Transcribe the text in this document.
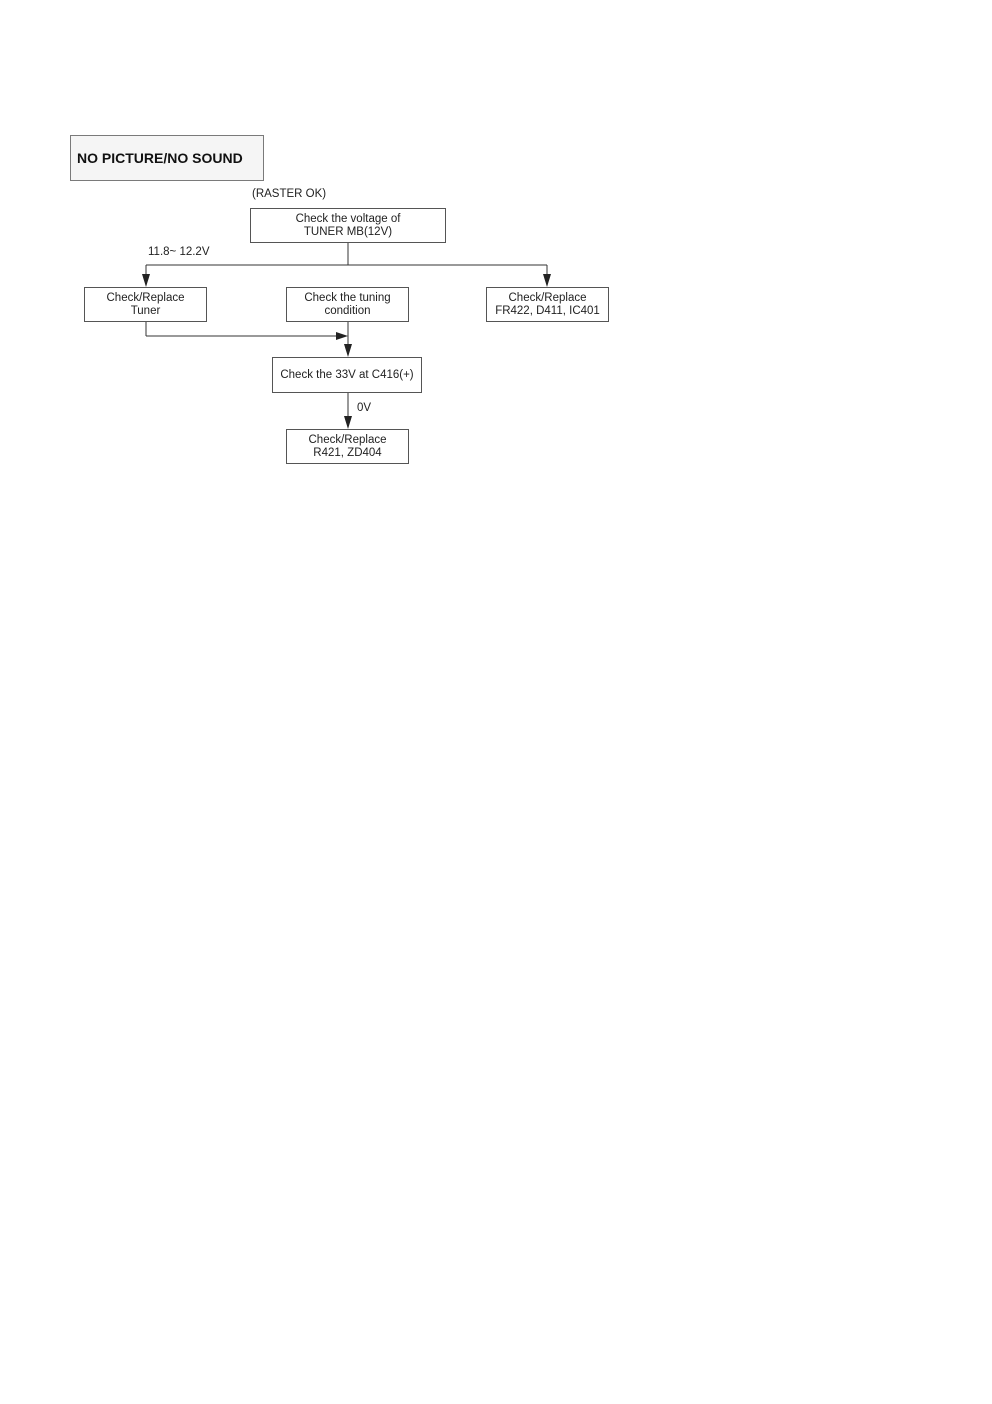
NO PICTURE/NO SOUND
(RASTER OK)
Check the voltage of
TUNER MB(12V)
11.8~ 12.2V
Check/Replace
Tuner
Check the tuning
condition
Check/Replace
FR422, D411, IC401
Check the 33V at C416(+)
0V
Check/Replace
R421, ZD404
